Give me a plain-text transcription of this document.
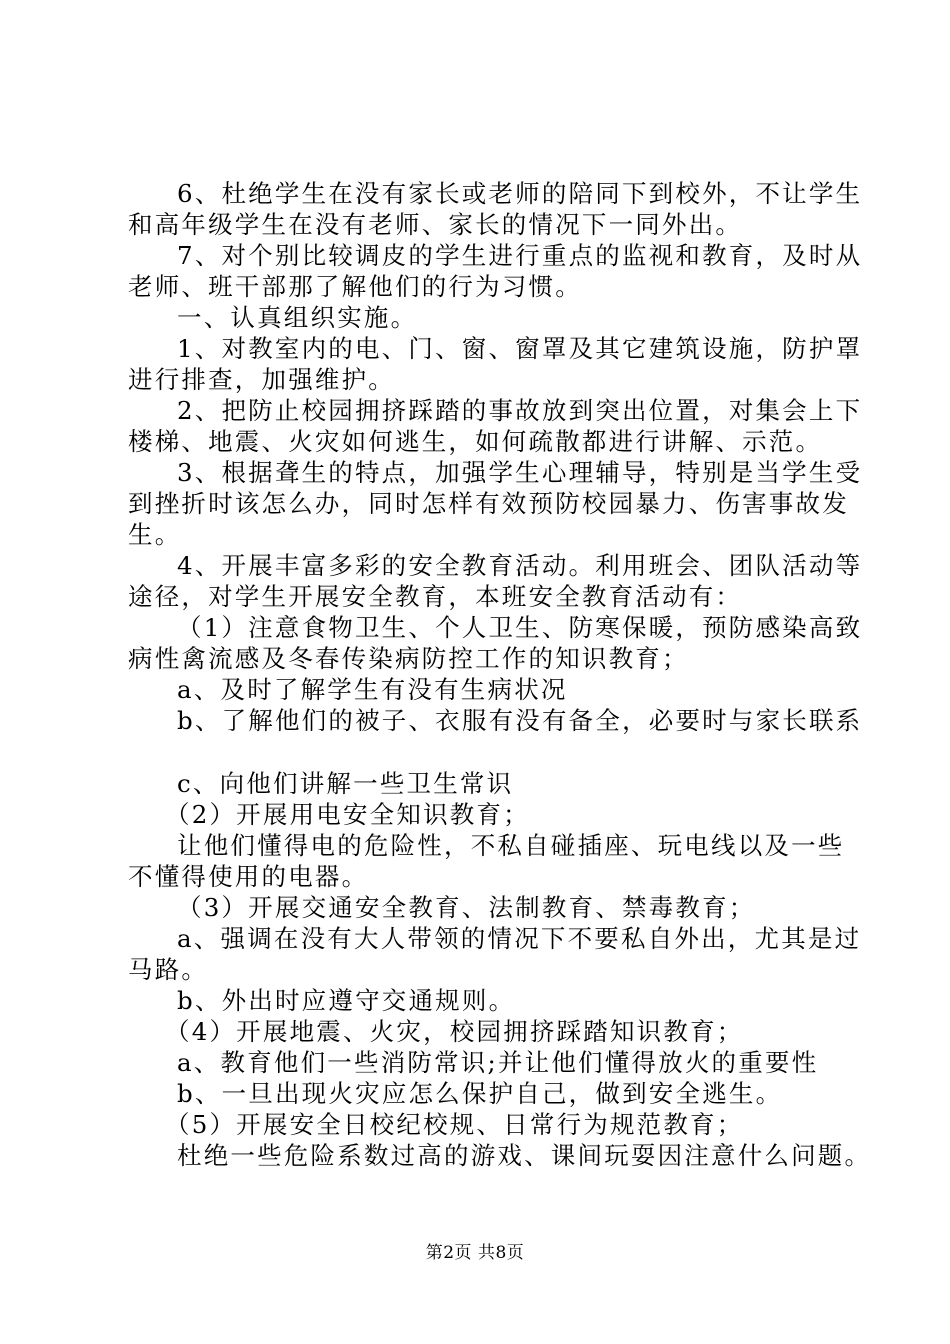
6、杜绝学生在没有家长或老师的陪同下到校外，不让学生
和高年级学生在没有老师、家长的情况下一同外出。
7、对个别比较调皮的学生进行重点的监视和教育，及时从
老师、班干部那了解他们的行为习惯。
一、认真组织实施。
1、对教室内的电、门、窗、窗罩及其它建筑设施，防护罩
进行排查，加强维护。
2、把防止校园拥挤踩踏的事故放到突出位置，对集会上下
楼梯、地震、火灾如何逃生，如何疏散都进行讲解、示范。
3、根据聋生的特点，加强学生心理辅导，特别是当学生受
到挫折时该怎么办，同时怎样有效预防校园暴力、伤害事故发
生。
4、开展丰富多彩的安全教育活动。利用班会、团队活动等
途径，对学生开展安全教育，本班安全教育活动有：
（1）注意食物卫生、个人卫生、防寒保暖，预防感染高致
病性禽流感及冬春传染病防控工作的知识教育；
a、及时了解学生有没有生病状况
b、了解他们的被子、衣服有没有备全，必要时与家长联系
c、向他们讲解一些卫生常识
（2）开展用电安全知识教育；
让他们懂得电的危险性，不私自碰插座、玩电线以及一些
不懂得使用的电器。
（3）开展交通安全教育、法制教育、禁毒教育；
a、强调在没有大人带领的情况下不要私自外出，尤其是过
马路。
b、外出时应遵守交通规则。
（4）开展地震、火灾，校园拥挤踩踏知识教育；
a、教育他们一些消防常识;并让他们懂得放火的重要性
b、一旦出现火灾应怎么保护自己，做到安全逃生。
（5）开展安全日校纪校规、日常行为规范教育；
杜绝一些危险系数过高的游戏、课间玩耍因注意什么问题。
第2页 共8页
